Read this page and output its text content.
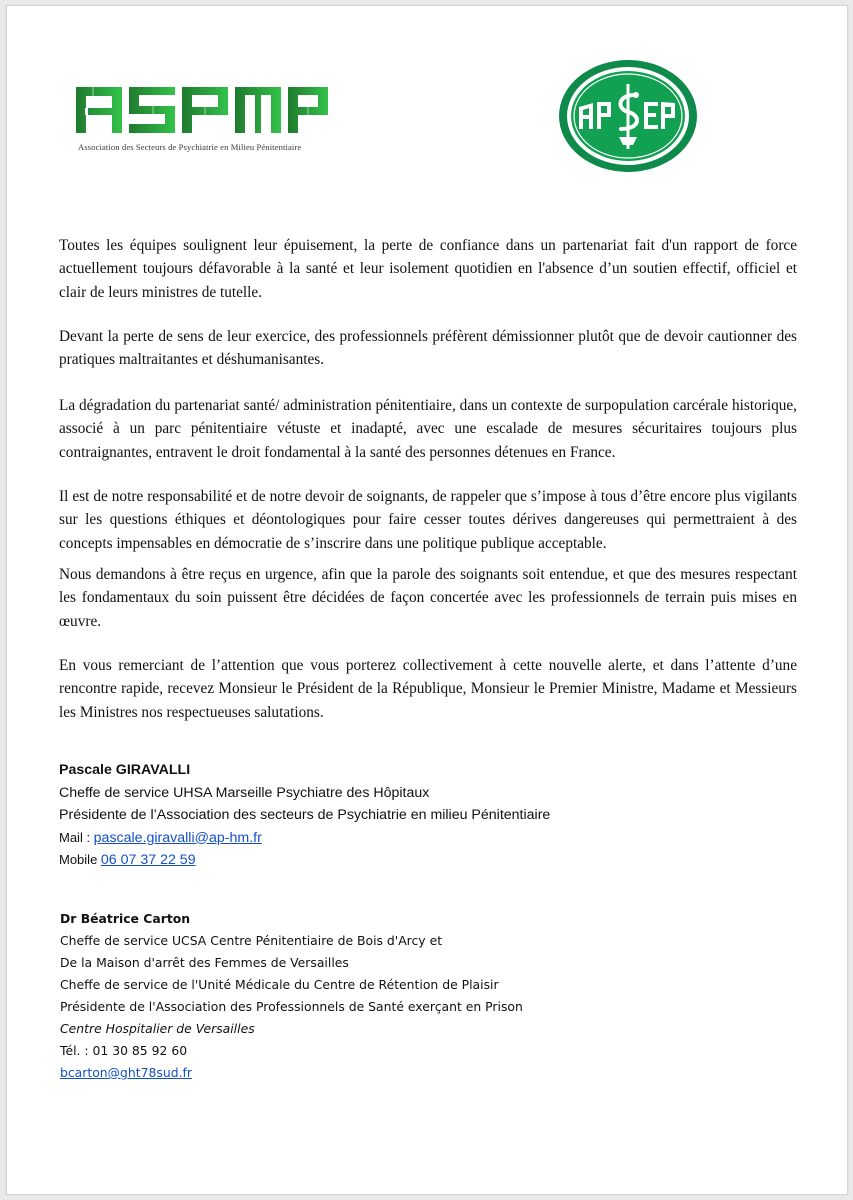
Association des Secteurs de Psychiatrie en Milieu Pénitentiaire

Toutes les équipes soulignent leur épuisement, la perte de confiance dans un partenariat fait d'un rapport de force actuellement toujours défavorable à la santé et leur isolement quotidien en l'absence d’un soutien effectif, officiel et clair de leurs ministres de tutelle.

Devant la perte de sens de leur exercice, des professionnels préfèrent démissionner plutôt que de devoir cautionner des pratiques maltraitantes et déshumanisantes.

La dégradation du partenariat santé/ administration pénitentiaire, dans un contexte de surpopulation carcérale historique, associé à un parc pénitentiaire vétuste et inadapté, avec une escalade de mesures sécuritaires toujours plus contraignantes, entravent le droit fondamental à la santé des personnes détenues en France.

Il est de notre responsabilité et de notre devoir de soignants, de rappeler que s’impose à tous d’être encore plus vigilants sur les questions éthiques et déontologiques pour faire cesser toutes dérives dangereuses qui permettraient à des concepts impensables en démocratie de s’inscrire dans une politique publique acceptable.

Nous demandons à être reçus en urgence, afin que la parole des soignants soit entendue, et que des mesures respectant les fondamentaux du soin puissent être décidées de façon concertée avec les professionnels de terrain puis mises en œuvre.

En vous remerciant de l’attention que vous porterez collectivement à cette nouvelle alerte, et dans l’attente d’une rencontre rapide, recevez Monsieur le Président de la République, Monsieur le Premier Ministre, Madame et Messieurs les Ministres nos respectueuses salutations.

Pascale GIRAVALLI
Cheffe de service UHSA Marseille Psychiatre des Hôpitaux
Présidente de l’Association des secteurs de Psychiatrie en milieu Pénitentiaire
Mail : pascale.giravalli@ap-hm.fr
Mobile 06 07 37 22 59
Dr Béatrice Carton
Cheffe de service UCSA Centre Pénitentiaire de Bois d'Arcy et
De la Maison d'arrêt des Femmes de Versailles
Cheffe de service de l'Unité Médicale du Centre de Rétention de Plaisir
Présidente de l'Association des Professionnels de Santé exerçant en Prison
Centre Hospitalier de Versailles
Tél. : 01 30 85 92 60
bcarton@ght78sud.fr
